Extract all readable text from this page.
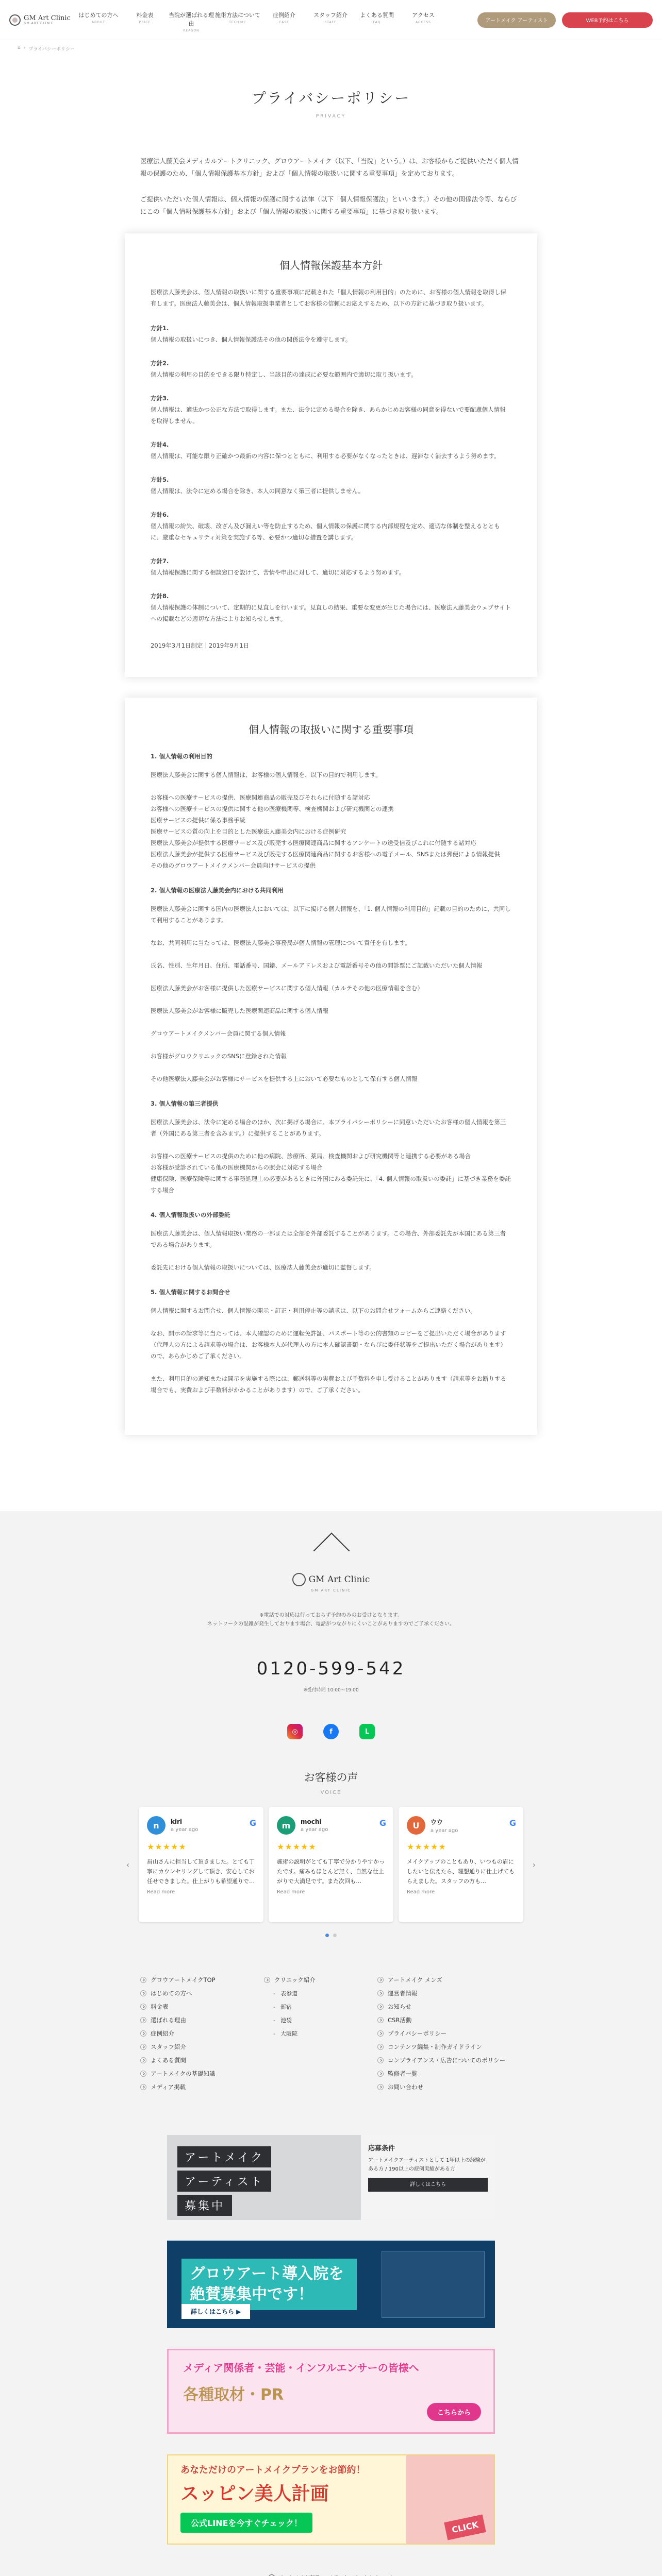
GM Art Clinic
GM ART CLINIC
はじめての方へ
ABOUT
料金表
PRICE
当院が選ばれる理由
REASON
施術方法について
TECHNIC
症例紹介
CASE
スタッフ紹介
STAFF
よくある質問
FAQ
アクセス
ACCESS	アートメイク アーティスト	WEB予約はこちら
⌂ › プライバシーポリシー
プライバシーポリシー
PRIVACY

医療法人藤美会メディカルアートクリニック、グロウアートメイク（以下、「当院」という。）は、お客様からご提供いただく個人情報の保護のため、「個人情報保護基本方針」および「個人情報の取扱いに関する重要事項」を定めております。

ご提供いただいた個人情報は、個人情報の保護に関する法律（以下「個人情報保護法」といいます。）その他の関係法令等、ならびにこの「個人情報保護基本方針」および「個人情報の取扱いに関する重要事項」に基づき取り扱います。

個人情報保護基本方針

医療法人藤美会は、個人情報の取扱いに関する重要事項に記載された「個人情報の利用目的」のために、お客様の個人情報を取得し保有します。医療法人藤美会は、個人情報取扱事業者としてお客様の信頼にお応えするため、以下の方針に基づき取り扱います。

方針1.
個人情報の取扱いにつき、個人情報保護法その他の関係法令を遵守します。
方針2.
個人情報の利用の目的をできる限り特定し、当該目的の達成に必要な範囲内で適切に取り扱います。
方針3.
個人情報は、適法かつ公正な方法で取得します。また、法令に定める場合を除き、あらかじめお客様の同意を得ないで要配慮個人情報を取得しません。
方針4.
個人情報は、可能な限り正確かつ最新の内容に保つとともに、利用する必要がなくなったときは、遅滞なく消去するよう努めます。
方針5.
個人情報は、法令に定める場合を除き、本人の同意なく第三者に提供しません。
方針6.
個人情報の紛失、破壊、改ざん及び漏えい等を防止するため、個人情報の保護に関する内部規程を定め、適切な体制を整えるとともに、厳重なセキュリティ対策を実施する等、必要かつ適切な措置を講じます。
方針7.
個人情報保護に関する相談窓口を設けて、苦情や申出に対して、適切に対応するよう努めます。
方針8.
個人情報保護の体制について、定期的に見直しを行います。見直しの結果、重要な変更が生じた場合には、医療法人藤美会ウェブサイトへの掲載などの適切な方法によりお知らせします。
2019年3月1日制定｜2019年9月1日
個人情報の取扱いに関する重要事項
1. 個人情報の利用目的

医療法人藤美会に関する個人情報は、お客様の個人情報を、以下の目的で利用します。

お客様への医療サービスの提供、医療関連商品の販売及びそれらに付随する諸対応
お客様への医療サービスの提供に関する他の医療機関等、検査機関および研究機関との連携
医療サービスの提供に係る事務手続
医療サービスの質の向上を目的とした医療法人藤美会内における症例研究
医療法人藤美会が提供する医療サービス及び販売する医療関連商品に関するアンケートの送受信及びこれに付随する諸対応
医療法人藤美会が提供する医療サービス及び販売する医療関連商品に関するお客様への電子メール、SNSまたは郵便による情報提供
その他のグロウアートメイクメンバー会員向けサービスの提供
2. 個人情報の医療法人藤美会内における共同利用

医療法人藤美会に関する国内の医療法人においては、以下に掲げる個人情報を、「1. 個人情報の利用目的」記載の目的のために、共同して利用することがあります。

なお、共同利用に当たっては、医療法人藤美会事務局が個人情報の管理について責任を有します。

氏名、性別、生年月日、住所、電話番号、国籍、メールアドレスおよび電話番号その他の問診票にご記載いただいた個人情報

医療法人藤美会がお客様に提供した医療サービスに関する個人情報（カルテその他の医療情報を含む）

医療法人藤美会がお客様に販売した医療関連商品に関する個人情報

グロウアートメイクメンバー会員に関する個人情報

お客様がグロウクリニックのSNSに登録された情報

その他医療法人藤美会がお客様にサービスを提供する上において必要なものとして保有する個人情報

3. 個人情報の第三者提供

医療法人藤美会は、法令に定める場合のほか、次に掲げる場合に、本プライバシーポリシーに同意いただいたお客様の個人情報を第三者（外国にある第三者を含みます。）に提供することがあります。

お客様への医療サービスの提供のために他の病院、診療所、薬局、検査機関および研究機関等と連携する必要がある場合
お客様が受診されている他の医療機関からの照会に対応する場合
健康保険、医療保険等に関する事務処理上の必要があるときに外国にある委託先に、「4. 個人情報の取扱いの委託」に基づき業務を委託する場合
4. 個人情報取扱いの外部委託

医療法人藤美会は、個人情報取扱い業務の一部または全部を外部委託することがあります。この場合、外部委託先が本国にある第三者である場合があります。

委託先における個人情報の取扱いについては、医療法人藤美会が適切に監督します。

5. 個人情報に関するお問合せ

個人情報に関するお問合せ、個人情報の開示・訂正・利用停止等の請求は、以下のお問合せフォームからご連絡ください。

なお、開示の請求等に当たっては、本人確認のために運転免許証、パスポート等の公的書類のコピーをご提出いただく場合があります（代理人の方による請求等の場合は、お客様本人が代理人の方に本人確認書類・ならびに委任状等をご提出いただく場合があります）ので、あらかじめご了承ください。

また、利用目的の通知または開示を実施する際には、郵送料等の実費および手数料を申し受けることがあります（請求等をお断りする場合でも、実費および手数料がかかることがあります）ので、ご了承ください。

GM Art Clinic
GM ART CLINIC
※電話での対応は行っておらず予約のみのお受けとなります。
ネットワークの混雑が発生しております場合、電話がつながりにくいことがありますのでご了承ください。
0120-599-542
※受付時間 10:00～19:00
◎	f	L
お客様の声
VOICE
‹
n	kiri
a year ago
G
★★★★★
眉山さんに担当して頂きました。とても丁寧にカウンセリングして頂き、安心してお任せできました。仕上がりも希望通りで…
Read more
m	mochi
a year ago
G
★★★★★
施術の説明がとても丁寧で分かりやすかったです。痛みもほとんど無く、自然な仕上がりで大満足です。また次回も…
Read more
U	ウウ
a year ago
G
★★★★★
メイクアップのこともあり、いつもの眉にしたいと伝えたら、理想通りに仕上げてもらえました。スタッフの方も…
Read more
›
グロウアートメイクTOP
はじめての方へ
料金表
選ばれる理由
症例紹介
スタッフ紹介
よくある質問
アートメイクの基礎知識
メディア掲載
クリニック紹介
- 表参道
- 新宿
- 池袋
- 大阪院
アートメイク メンズ
運営者情報
お知らせ
CSR活動
プライバシーポリシー
コンテンツ編集・制作ガイドライン
コンプライアンス・広告についてのポリシー
監修者一覧
お問い合わせ
アートメイク
アーティスト
募集中
応募条件
アートメイクアーティストとして 1年以上の経験がある方 / 190以上の症例実績がある方
詳しくはこちら
グロウアート導入院を絶賛募集中です！
詳しくはこちら ▶
メディア関係者・芸能・インフルエンサーの皆様へ
各種取材・PR
こちらから
あなただけのアートメイクプランをお節約！
スッピン美人計画
公式LINEを今すぐチェック！	CLICK
